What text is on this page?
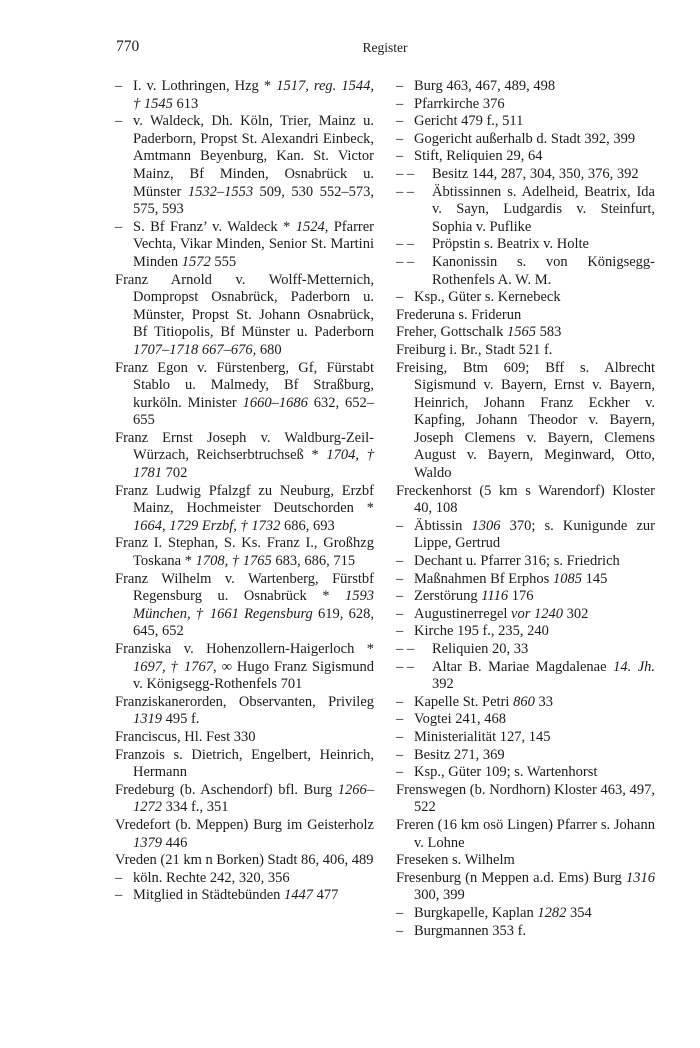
770	Register

– I. v. Lothringen, Hzg * 1517, reg. 1544, † 1545 613

– v. Waldeck, Dh. Köln, Trier, Mainz u. Paderborn, Propst St. Alexandri Einbeck, Amtmann Beyenburg, Kan. St. Victor Mainz, Bf Minden, Osnabrück u. Münster 1532–1553 509, 530 552–573, 575, 593

– S. Bf Franz’ v. Waldeck * 1524, Pfarrer Vechta, Vikar Minden, Senior St. Martini Minden 1572 555

Franz Arnold v. Wolff-Metternich, Dompropst Osnabrück, Paderborn u. Münster, Propst St. Johann Osnabrück, Bf Titiopolis, Bf Münster u. Paderborn 1707–1718 667–676, 680

Franz Egon v. Fürstenberg, Gf, Fürstabt Stablo u. Malmedy, Bf Straßburg, kurköln. Minister 1660–1686 632, 652–655

Franz Ernst Joseph v. Waldburg-Zeil-Würzach, Reichserbtruchseß * 1704, † 1781 702

Franz Ludwig Pfalzgf zu Neuburg, Erzbf Mainz, Hochmeister Deutschorden * 1664, 1729 Erzbf, † 1732 686, 693

Franz I. Stephan, S. Ks. Franz I., Großhzg Toskana * 1708, † 1765 683, 686, 715

Franz Wilhelm v. Wartenberg, Fürstbf Regensburg u. Osnabrück * 1593 München, † 1661 Regensburg 619, 628, 645, 652

Franziska v. Hohenzollern-Haigerloch * 1697, † 1767, ∞ Hugo Franz Sigismund v. Königsegg-Rothenfels 701

Franziskanerorden, Observanten, Privileg 1319 495 f.

Franciscus, Hl. Fest 330

Franzois s. Dietrich, Engelbert, Heinrich, Hermann

Fredeburg (b. Aschendorf) bfl. Burg 1266–1272 334 f., 351

Vredefort (b. Meppen) Burg im Geisterholz 1379 446

Vreden (21 km n Borken) Stadt 86, 406, 489

– köln. Rechte 242, 320, 356

– Mitglied in Städtebünden 1447 477

– Burg 463, 467, 489, 498

– Pfarrkirche 376

– Gericht 479 f., 511

– Gogericht außerhalb d. Stadt 392, 399

– Stift, Reliquien 29, 64

– – Besitz 144, 287, 304, 350, 376, 392

– – Äbtissinnen s. Adelheid, Beatrix, Ida v. Sayn, Ludgardis v. Steinfurt, Sophia v. Puflike

– – Pröpstin s. Beatrix v. Holte

– – Kanonissin s. von Königsegg-Rothenfels A. W. M.

– Ksp., Güter s. Kernebeck

Frederuna s. Friderun

Freher, Gottschalk 1565 583

Freiburg i. Br., Stadt 521 f.

Freising, Btm 609; Bff s. Albrecht Sigismund v. Bayern, Ernst v. Bayern, Heinrich, Johann Franz Eckher v. Kapfing, Johann Theodor v. Bayern, Joseph Clemens v. Bayern, Clemens August v. Bayern, Meginward, Otto, Waldo

Freckenhorst (5 km s Warendorf) Kloster 40, 108

– Äbtissin 1306 370; s. Kunigunde zur Lippe, Gertrud

– Dechant u. Pfarrer 316; s. Friedrich

– Maßnahmen Bf Erphos 1085 145

– Zerstörung 1116 176

– Augustinerregel vor 1240 302

– Kirche 195 f., 235, 240

– – Reliquien 20, 33

– – Altar B. Mariae Magdalenae 14. Jh. 392

– Kapelle St. Petri 860 33

– Vogtei 241, 468

– Ministerialität 127, 145

– Besitz 271, 369

– Ksp., Güter 109; s. Wartenhorst

Frenswegen (b. Nordhorn) Kloster 463, 497, 522

Freren (16 km osö Lingen) Pfarrer s. Johann v. Lohne

Freseken s. Wilhelm

Fresenburg (n Meppen a.d. Ems) Burg 1316 300, 399

– Burgkapelle, Kaplan 1282 354

– Burgmannen 353 f.
